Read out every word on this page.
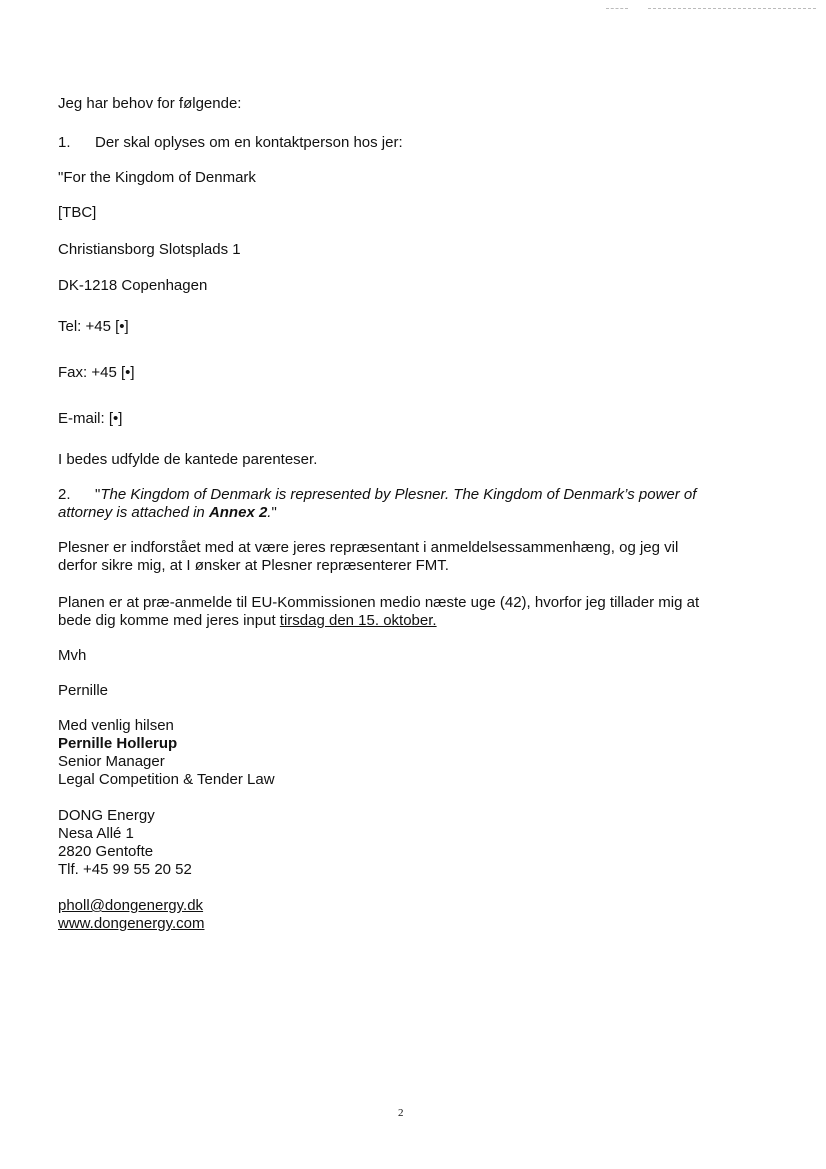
Jeg har behov for følgende:
1. Der skal oplyses om en kontaktperson hos jer:
"For the Kingdom of Denmark
[TBC]
Christiansborg Slotsplads 1
DK-1218 Copenhagen
Tel: +45 [•]
Fax: +45 [•]
E-mail: [•]
I bedes udfylde de kantede parenteser.
2. "The Kingdom of Denmark is represented by Plesner. The Kingdom of Denmark’s power of
attorney is attached in Annex 2."
Plesner er indforstået med at være jeres repræsentant i anmeldelsessammenhæng, og jeg vil
derfor sikre mig, at I ønsker at Plesner repræsenterer FMT.
Planen er at præ-anmelde til EU-Kommissionen medio næste uge (42), hvorfor jeg tillader mig at
bede dig komme med jeres input tirsdag den 15. oktober.
Mvh
Pernille
Med venlig hilsen
Pernille Hollerup
Senior Manager
Legal Competition & Tender Law
DONG Energy
Nesa Allé 1
2820 Gentofte
Tlf. +45 99 55 20 52
pholl@dongenergy.dk
www.dongenergy.com
2
